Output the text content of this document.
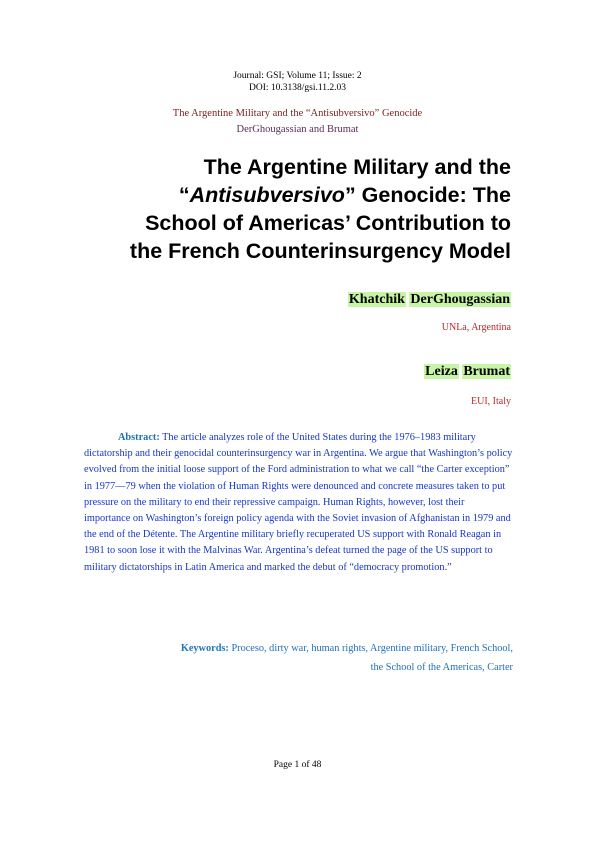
Journal: GSI; Volume 11; Issue: 2
DOI: 10.3138/gsi.11.2.03
The Argentine Military and the “Antisubversivo” Genocide
DerGhougassian and Brumat
The Argentine Military and the
“Antisubversivo” Genocide: The
School of Americas’ Contribution to
the French Counterinsurgency Model
Khatchik DerGhougassian
UNLa, Argentina
Leiza Brumat
EUI, Italy
Abstract: The article analyzes role of the United States during the 1976–1983 military dictatorship and their genocidal counterinsurgency war in Argentina. We argue that Washington’s policy evolved from the initial loose support of the Ford administration to what we call “the Carter exception” in 1977—79 when the violation of Human Rights were denounced and concrete measures taken to put pressure on the military to end their repressive campaign. Human Rights, however, lost their importance on Washington’s foreign policy agenda with the Soviet invasion of Afghanistan in 1979 and the end of the Détente. The Argentine military briefly recuperated US support with Ronald Reagan in 1981 to soon lose it with the Malvinas War. Argentina’s defeat turned the page of the US support to military dictatorships in Latin America and marked the debut of “democracy promotion.”
Keywords: Proceso, dirty war, human rights, Argentine military, French School,
the School of the Americas, Carter
Page 1 of 48
